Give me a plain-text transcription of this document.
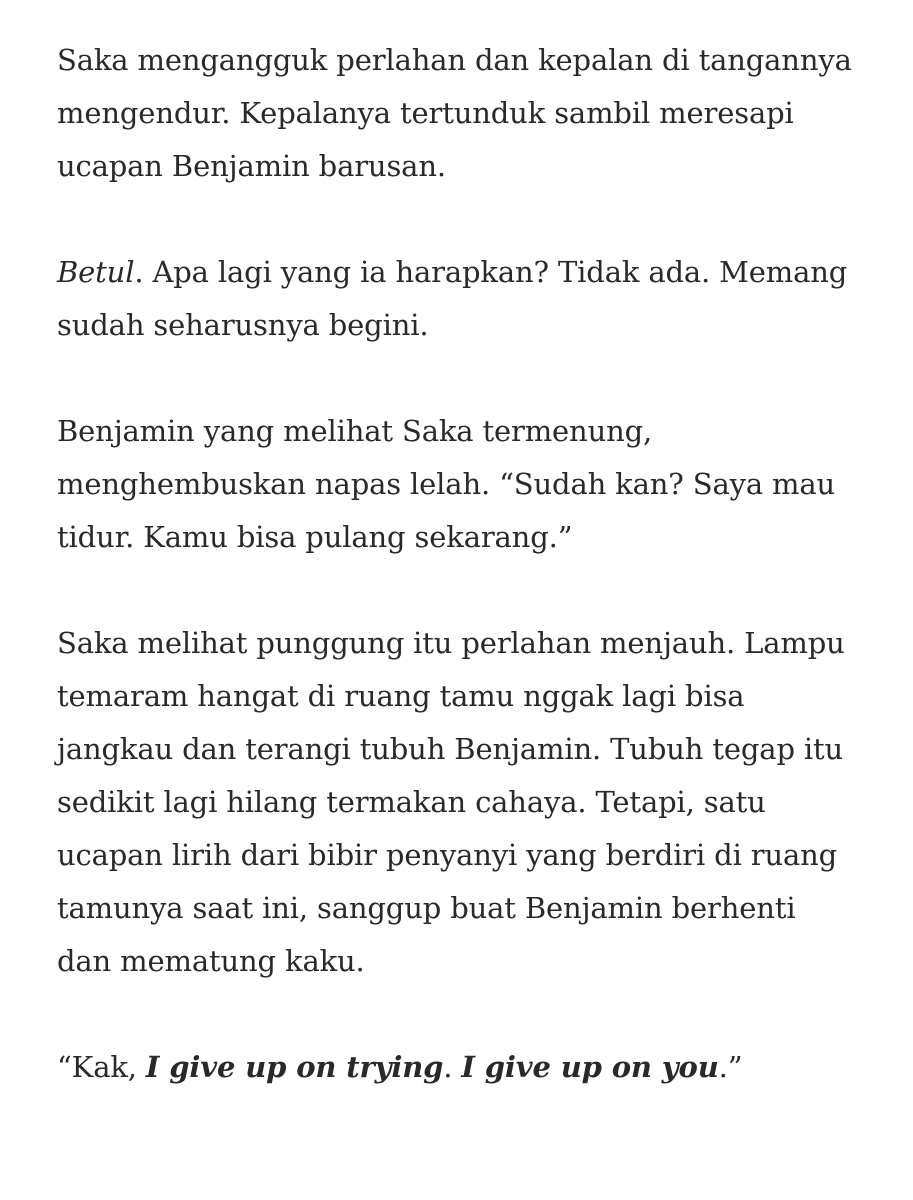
Saka mengangguk perlahan dan kepalan di tangannya mengendur. Kepalanya tertunduk sambil meresapi ucapan Benjamin barusan.

Betul. Apa lagi yang ia harapkan? Tidak ada. Memang sudah seharusnya begini.

Benjamin yang melihat Saka termenung, menghembuskan napas lelah. “Sudah kan? Saya mau tidur. Kamu bisa pulang sekarang.”

Saka melihat punggung itu perlahan menjauh. Lampu temaram hangat di ruang tamu nggak lagi bisa jangkau dan terangi tubuh Benjamin. Tubuh tegap itu sedikit lagi hilang termakan cahaya. Tetapi, satu ucapan lirih dari bibir penyanyi yang berdiri di ruang tamunya saat ini, sanggup buat Benjamin berhenti dan mematung kaku.

“Kak, I give up on trying. I give up on you.”
